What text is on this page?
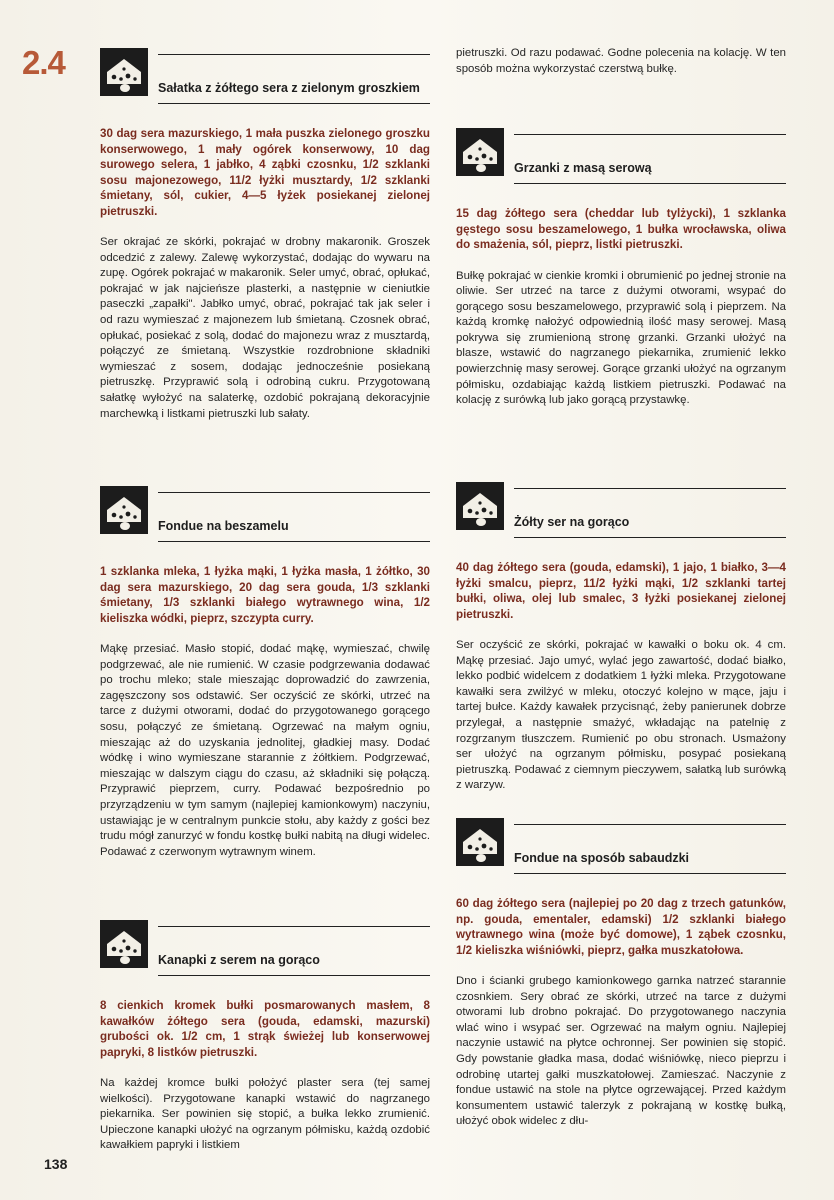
2.4
138
Sałatka z żółtego sera z zielonym groszkiem
30 dag sera mazurskiego, 1 mała puszka zielonego groszku konserwowego, 1 mały ogórek konserwowy, 10 dag surowego selera, 1 jabłko, 4 ząbki czosnku, 1/2 szklanki sosu majonezowego, 11/2 łyżki musztardy, 1/2 szklanki śmietany, sól, cukier, 4—5 łyżek posiekanej zielonej pietruszki.
Ser okrajać ze skórki, pokrajać w drobny makaronik. Groszek odcedzić z zalewy. Zalewę wykorzystać, dodając do wywaru na zupę. Ogórek pokrajać w makaronik. Seler umyć, obrać, opłukać, pokrajać w jak najcieńsze plasterki, a następnie w cieniutkie paseczki „zapałki". Jabłko umyć, obrać, pokrajać tak jak seler i od razu wymieszać z majonezem lub śmietaną. Czosnek obrać, opłukać, posiekać z solą, dodać do majonezu wraz z musztardą, połączyć ze śmietaną. Wszystkie rozdrobnione składniki wymieszać z sosem, dodając jednocześnie posiekaną pietruszkę. Przyprawić solą i odrobiną cukru. Przygotowaną sałatkę wyłożyć na salaterkę, ozdobić pokrajaną dekoracyjnie marchewką i listkami pietruszki lub sałaty.
Fondue na beszamelu
1 szklanka mleka, 1 łyżka mąki, 1 łyżka masła, 1 żółtko, 30 dag sera mazurskiego, 20 dag sera gouda, 1/3 szklanki śmietany, 1/3 szklanki białego wytrawnego wina, 1/2 kieliszka wódki, pieprz, szczypta curry.
Mąkę przesiać. Masło stopić, dodać mąkę, wymieszać, chwilę podgrzewać, ale nie rumienić. W czasie podgrzewania dodawać po trochu mleko; stale mieszając doprowadzić do zawrzenia, zagęszczony sos odstawić. Ser oczyścić ze skórki, utrzeć na tarce z dużymi otworami, dodać do przygotowanego gorącego sosu, połączyć ze śmietaną. Ogrzewać na małym ogniu, mieszając aż do uzyskania jednolitej, gładkiej masy. Dodać wódkę i wino wymieszane starannie z żółtkiem. Podgrzewać, mieszając w dalszym ciągu do czasu, aż składniki się połączą. Przyprawić pieprzem, curry. Podawać bezpośrednio po przyrządzeniu w tym samym (najlepiej kamionkowym) naczyniu, ustawiając je w centralnym punkcie stołu, aby każdy z gości bez trudu mógł zanurzyć w fondu kostkę bułki nabitą na długi widelec. Podawać z czerwonym wytrawnym winem.
Kanapki z serem na gorąco
8 cienkich kromek bułki posmarowanych masłem, 8 kawałków żółtego sera (gouda, edamski, mazurski) grubości ok. 1/2 cm, 1 strąk świeżej lub konserwowej papryki, 8 listków pietruszki.
Na każdej kromce bułki położyć plaster sera (tej samej wielkości). Przygotowane kanapki wstawić do nagrzanego piekarnika. Ser powinien się stopić, a bułka lekko zrumienić. Upieczone kanapki ułożyć na ogrzanym półmisku, każdą ozdobić kawałkiem papryki i listkiem
pietruszki. Od razu podawać. Godne polecenia na kolację. W ten sposób można wykorzystać czerstwą bułkę.
Grzanki z masą serową
15 dag żółtego sera (cheddar lub tylżycki), 1 szklanka gęstego sosu beszamelowego, 1 bułka wrocławska, oliwa do smażenia, sól, pieprz, listki pietruszki.
Bułkę pokrajać w cienkie kromki i obrumienić po jednej stronie na oliwie. Ser utrzeć na tarce z dużymi otworami, wsypać do gorącego sosu beszamelowego, przyprawić solą i pieprzem. Na każdą kromkę nałożyć odpowiednią ilość masy serowej. Masą pokrywa się zrumienioną stronę grzanki. Grzanki ułożyć na blasze, wstawić do nagrzanego piekarnika, zrumienić lekko powierzchnię masy serowej. Gorące grzanki ułożyć na ogrzanym półmisku, ozdabiając każdą listkiem pietruszki. Podawać na kolację z surówką lub jako gorącą przystawkę.
Żółty ser na gorąco
40 dag żółtego sera (gouda, edamski), 1 jajo, 1 białko, 3—4 łyżki smalcu, pieprz, 11/2 łyżki mąki, 1/2 szklanki tartej bułki, oliwa, olej lub smalec, 3 łyżki posiekanej zielonej pietruszki.
Ser oczyścić ze skórki, pokrajać w kawałki o boku ok. 4 cm. Mąkę przesiać. Jajo umyć, wylać jego zawartość, dodać białko, lekko podbić widelcem z dodatkiem 1 łyżki mleka. Przygotowane kawałki sera zwilżyć w mleku, otoczyć kolejno w mące, jaju i tartej bułce. Każdy kawałek przycisnąć, żeby panierunek dobrze przylegał, a następnie smażyć, wkładając na patelnię z rozgrzanym tłuszczem. Rumienić po obu stronach. Usmażony ser ułożyć na ogrzanym półmisku, posypać posiekaną pietruszką. Podawać z ciemnym pieczywem, sałatką lub surówką z warzyw.
Fondue na sposób sabaudzki
60 dag żółtego sera (najlepiej po 20 dag z trzech gatunków, np. gouda, ementaler, edamski) 1/2 szklanki białego wytrawnego wina (może być domowe), 1 ząbek czosnku, 1/2 kieliszka wiśniówki, pieprz, gałka muszkatołowa.
Dno i ścianki grubego kamionkowego garnka natrzeć starannie czosnkiem. Sery obrać ze skórki, utrzeć na tarce z dużymi otworami lub drobno pokrajać. Do przygotowanego naczynia wlać wino i wsypać ser. Ogrzewać na małym ogniu. Najlepiej naczynie ustawić na płytce ochronnej. Ser powinien się stopić. Gdy powstanie gładka masa, dodać wiśniówkę, nieco pieprzu i odrobinę utartej gałki muszkatołowej. Zamieszać. Naczynie z fondue ustawić na stole na płytce ogrzewającej. Przed każdym konsumentem ustawić talerzyk z pokrajaną w kostkę bułką, ułożyć obok widelec z dłu-
